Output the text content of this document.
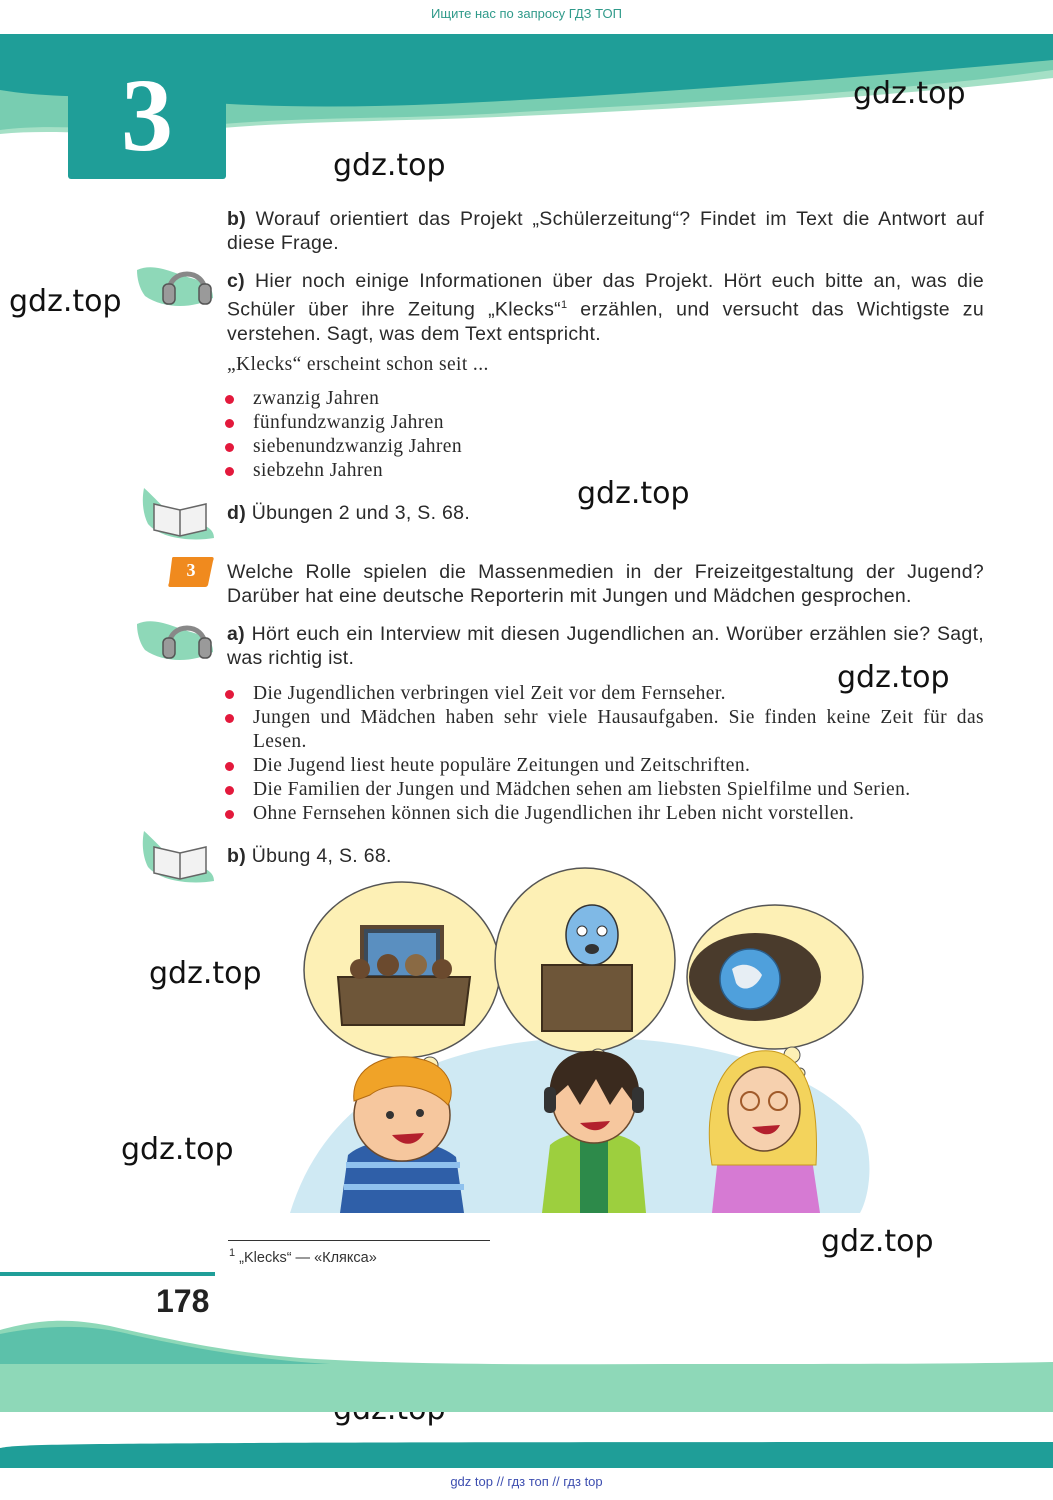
Ищите нас по запросу ГДЗ ТОП
3	gdz.top
gdz.top
gdz.top
gdz.top
gdz.top
gdz.top
gdz.top
gdz.top
b) Worauf orientiert das Projekt „Schülerzeitung“? Findet im Text die Antwort auf diese Frage.
c) Hier noch einige Informationen über das Projekt. Hört euch bitte an, was die Schüler über ihre Zeitung „Klecks“$^1$ erzählen, und versucht das Wichtigste zu verstehen. Sagt, was dem Text entspricht.
„Klecks“ erscheint schon seit ...
zwanzig Jahren
fünfundzwanzig Jahren
siebenundzwanzig Jahren
siebzehn Jahren
d) Übungen 2 und 3, S. 68.
3	Welche Rolle spielen die Massenmedien in der Freizeitgestaltung der Jugend? Darüber hat eine deutsche Reporterin mit Jungen und Mädchen gesprochen.
a) Hört euch ein Interview mit diesen Jugendlichen an. Worüber erzählen sie? Sagt, was richtig ist.
Die Jugendlichen verbringen viel Zeit vor dem Fernseher.
Jungen und Mädchen haben sehr viele Hausaufgaben. Sie finden keine Zeit für das Lesen.
Die Jugend liest heute populäre Zeitungen und Zeitschriften.
Die Familien der Jungen und Mädchen sehen am liebsten Spielfilme und Serien.
Ohne Fernsehen können sich die Jugendlichen ihr Leben nicht vorstellen.
b) Übung 4, S. 68.
$^1$ „Klecks“ — «Клякса»
178
gdz top // гдз топ // гдз top
